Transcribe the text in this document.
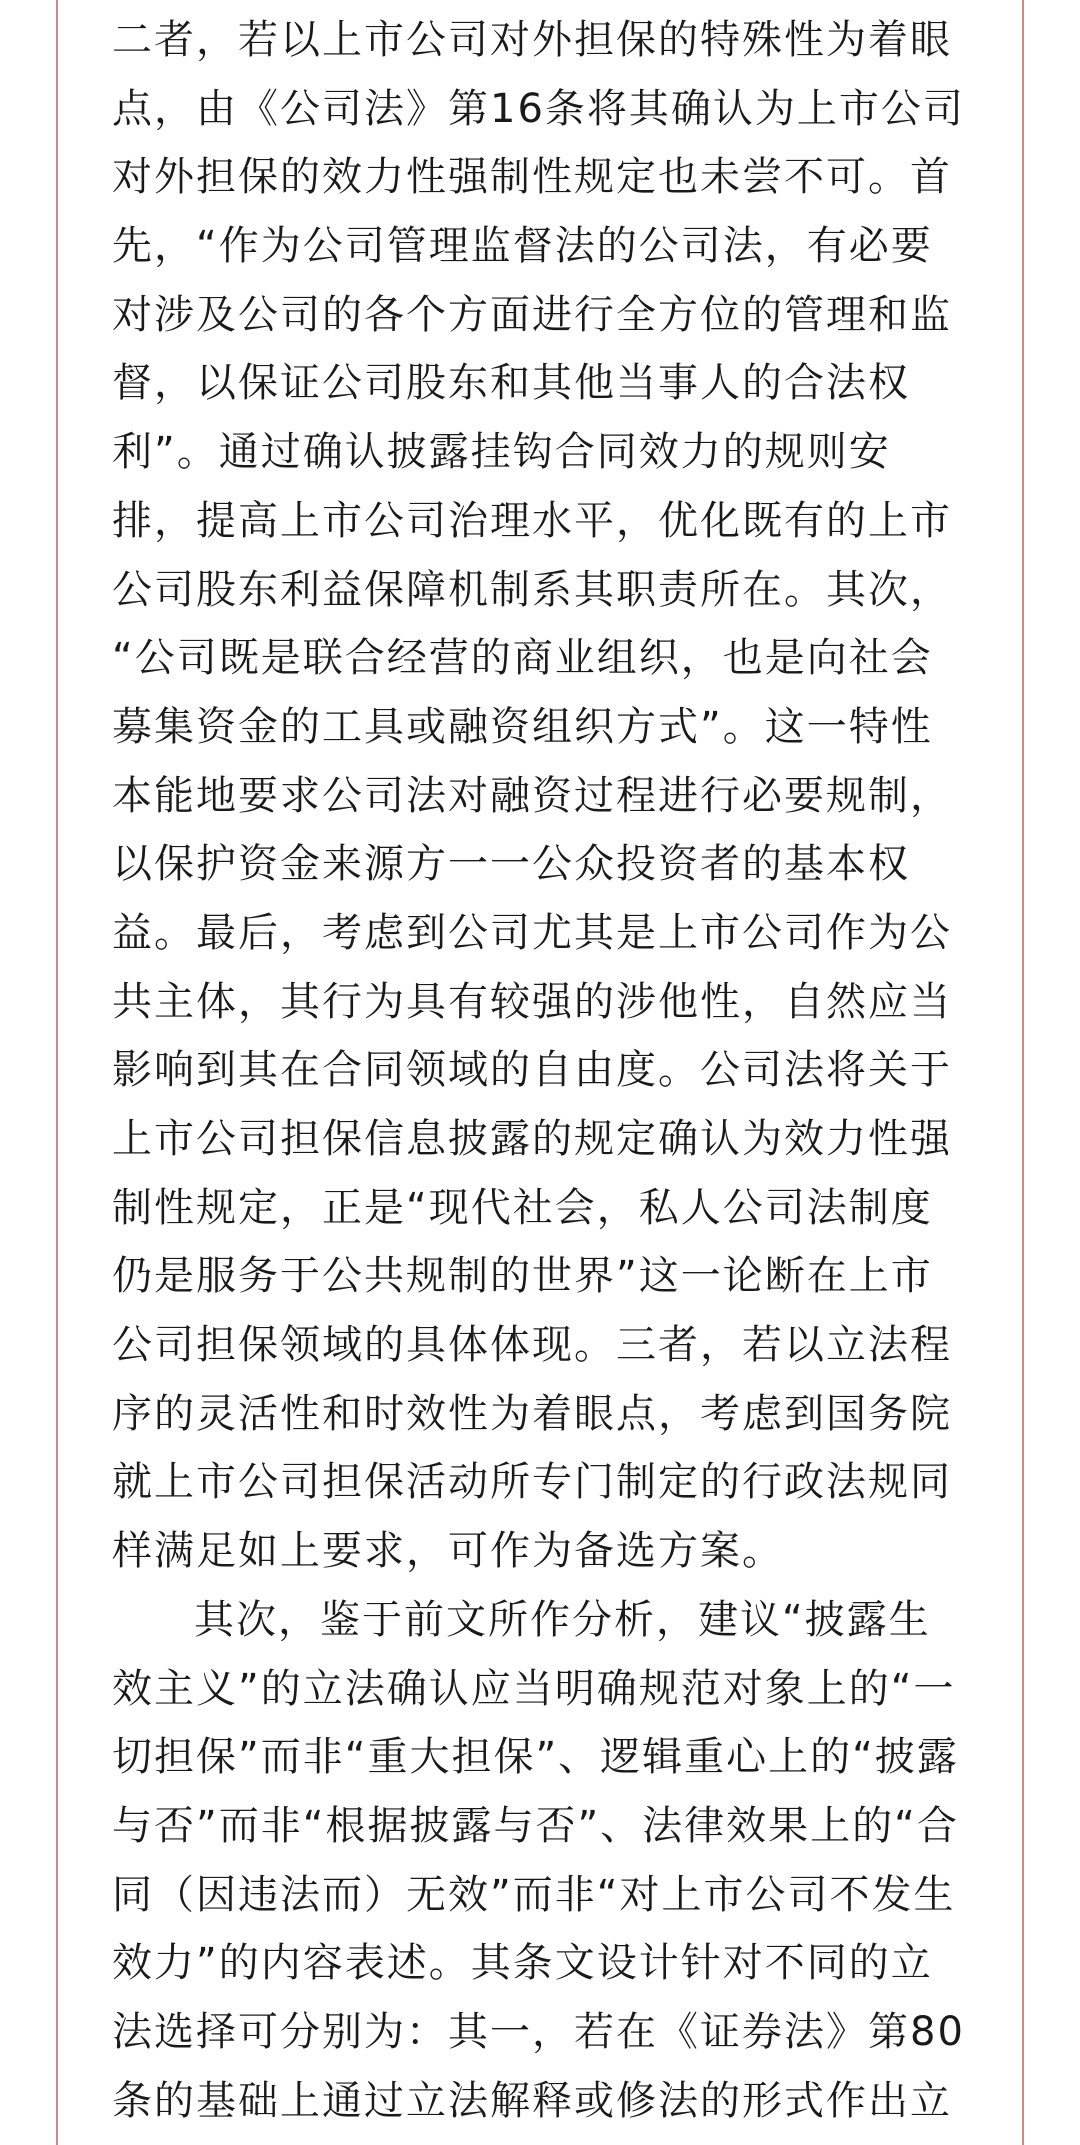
二者，若以上市公司对外担保的特殊性为着眼
点，由《公司法》第16条将其确认为上市公司
对外担保的效力性强制性规定也未尝不可。首
先，“作为公司管理监督法的公司法，有必要
对涉及公司的各个方面进行全方位的管理和监
督，以保证公司股东和其他当事人的合法权
利”。通过确认披露挂钩合同效力的规则安
排，提高上市公司治理水平，优化既有的上市
公司股东利益保障机制系其职责所在。其次，
“公司既是联合经营的商业组织，也是向社会
募集资金的工具或融资组织方式”。这一特性
本能地要求公司法对融资过程进行必要规制，
以保护资金来源方一一公众投资者的基本权
益。最后，考虑到公司尤其是上市公司作为公
共主体，其行为具有较强的涉他性，自然应当
影响到其在合同领域的自由度。公司法将关于
上市公司担保信息披露的规定确认为效力性强
制性规定，正是“现代社会，私人公司法制度
仍是服务于公共规制的世界”这一论断在上市
公司担保领域的具体体现。三者，若以立法程
序的灵活性和时效性为着眼点，考虑到国务院
就上市公司担保活动所专门制定的行政法规同
样满足如上要求，可作为备选方案。
其次，鉴于前文所作分析，建议“披露生
效主义”的立法确认应当明确规范对象上的“一
切担保”而非“重大担保”、逻辑重心上的“披露
与否”而非“根据披露与否”、法律效果上的“合
同（因违法而）无效”而非“对上市公司不发生
效力”的内容表述。其条文设计针对不同的立
法选择可分别为：其一，若在《证券法》第80
条的基础上通过立法解释或修法的形式作出立
